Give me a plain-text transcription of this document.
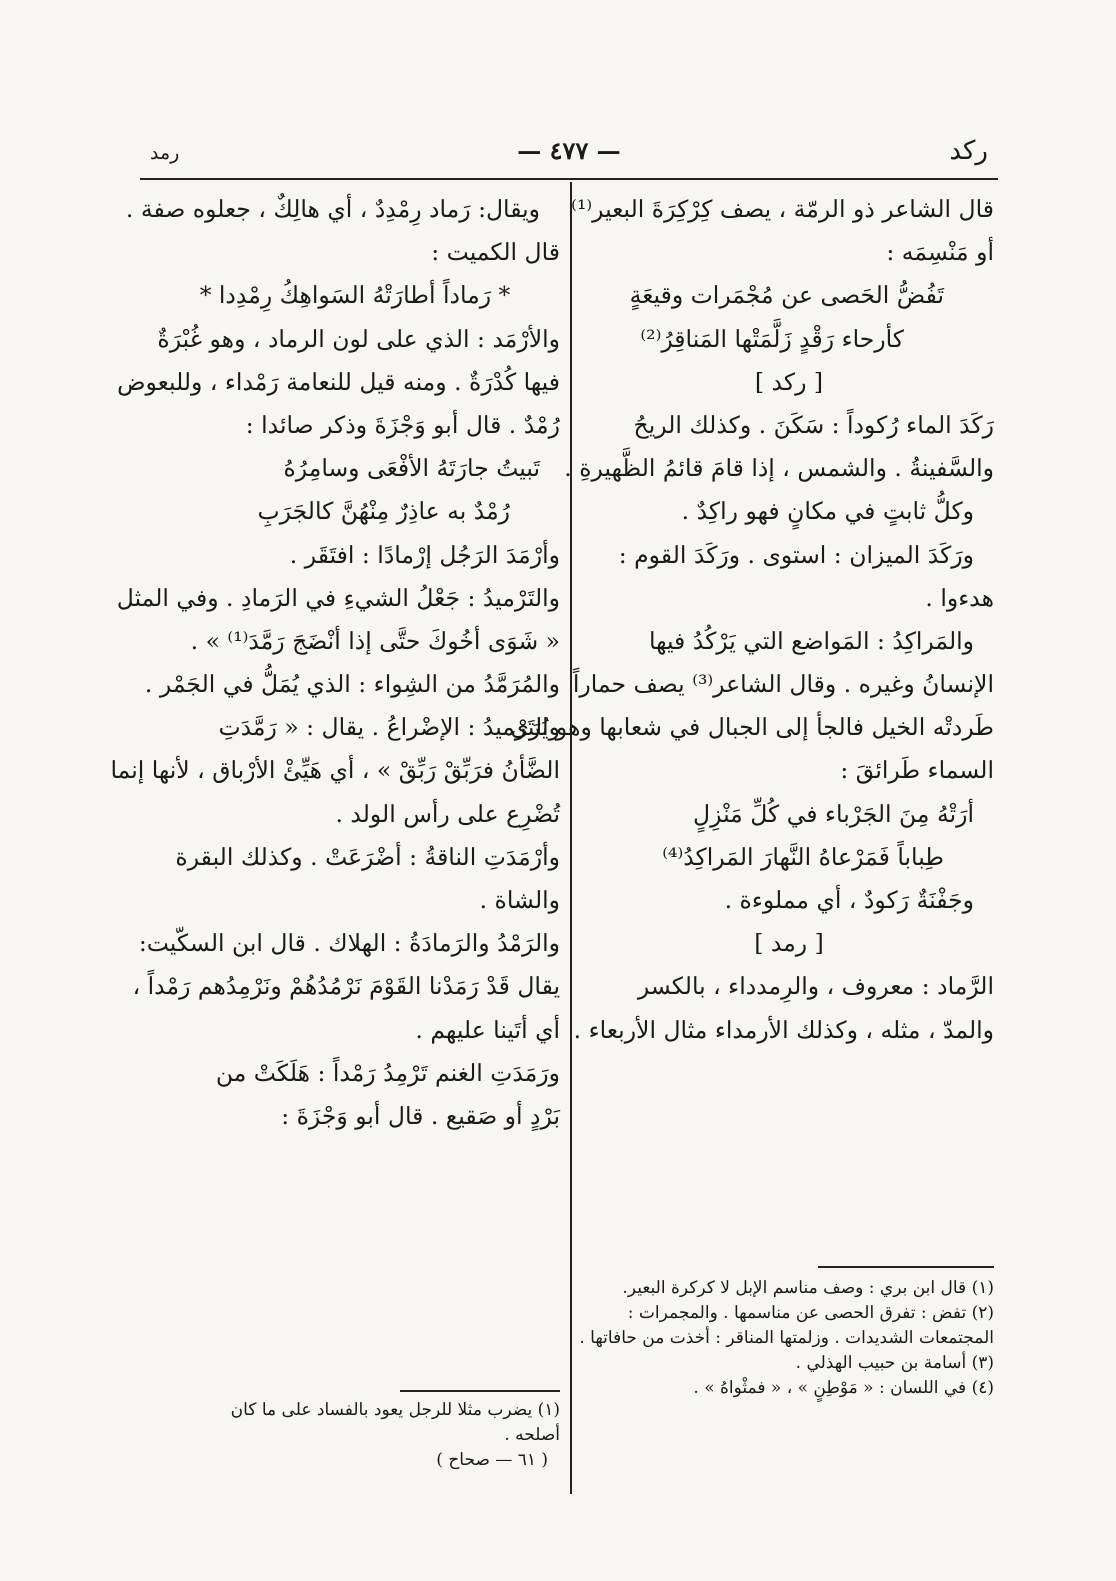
ركد
— ٤٧٧ —
رمد
قال الشاعر ذو الرمّة ، يصف كِرْكِرَةَ البعير⁽¹⁾
أو مَنْسِمَه :
تَفُضُّ الحَصى عن مُجْمَرات وقيعَةٍ
كأرحاء رَقْدٍ زَلَّمَتْها المَناقِرُ⁽²⁾
[ ركد ]
رَكَدَ الماء رُكوداً : سَكَنَ . وكذلك الريحُ
والسَّفينةُ . والشمس ، إذا قامَ قائمُ الظَّهيرةِ .
وكلُّ ثابتٍ في مكانٍ فهو راكِدٌ .
ورَكَدَ الميزان : استوى . ورَكَدَ القوم :
هدءوا .
والمَراكِدُ : المَواضع التي يَرْكُدُ فيها
الإنسانُ وغيره . وقال الشاعر⁽³⁾ يصف حماراً
طَردتْه الخيل فالجأ إلى الجبال في شعابها وهو يُرَى
السماء طَرائقَ :
أرَتْهُ مِنَ الجَرْباء في كُلِّ مَنْزِلٍ
طِباباً فَمَرْعاهُ النَّهارَ المَراكِدُ⁽⁴⁾
وجَفْنَةٌ رَكودٌ ، أي مملوءة .
[ رمد ]
الرَّماد : معروف ، والرِمدداء ، بالكسر
والمدّ ، مثله ، وكذلك الأرمداء مثال الأربعاء .
ويقال: رَماد رِمْدِدٌ ، أي هالِكٌ ، جعلوه صفة .
قال الكميت :
* رَماداً أطارَتْهُ السَواهِكُ رِمْدِدا *
والأرْمَد : الذي على لون الرماد ، وهو غُبْرَةٌ
فيها كُدْرَةٌ . ومنه قيل للنعامة رَمْداء ، وللبعوض
رُمْدٌ . قال أبو وَجْزَةَ وذكر صائدا :
تَبيتُ جارَتَهُ الأفْعَى وسامِرُهُ
رُمْدٌ به عاذِرٌ مِنْهُنَّ كالجَرَبِ
وأرْمَدَ الرَجُل إرْمادًا : افتَقَر .
والتَرْميدُ : جَعْلُ الشيءِ في الرَمادِ . وفي المثل
« شَوَى أخُوكَ حتَّى إذا أنْضَجَ رَمَّدَ⁽¹⁾ » .
والمُرَمَّدُ من الشِواء : الذي يُمَلُّ في الجَمْر .
والتَرْميدُ : الإضْراعُ . يقال : « رَمَّدَتِ
الضَّأنُ فرَبِّقْ رَبِّقْ » ، أي هَيِّئْ الأرْباق ، لأنها إنما
تُضْرِع على رأس الولد .
وأرْمَدَتِ الناقةُ : أضْرَعَتْ . وكذلك البقرة
والشاة .
والرَمْدُ والرَمادَةُ : الهلاك . قال ابن السكّيت:
يقال قَدْ رَمَدْنا القَوْمَ نَرْمُدُهُمْ ونَرْمِدُهم رَمْداً ،
أي أتَينا عليهم .
ورَمَدَتِ الغنم تَرْمِدُ رَمْداً : هَلَكَتْ من
بَرْدٍ أو صَقيع . قال أبو وَجْزَةَ :
(١) قال ابن بري : وصف مناسم الإبل لا كركرة البعير.
(٢) تفض : تفرق الحصى عن مناسمها . والمجمرات :
المجتمعات الشديدات . وزلمتها المناقر : أخذت من حافاتها .
(٣) أسامة بن حبيب الهذلي .
(٤) في اللسان : « مَوْطِنٍ » ، « فمثْواهُ » .
(١) يضرب مثلا للرجل يعود بالفساد على ما كان
أصلحه .
( ٦١ — صحاح )
